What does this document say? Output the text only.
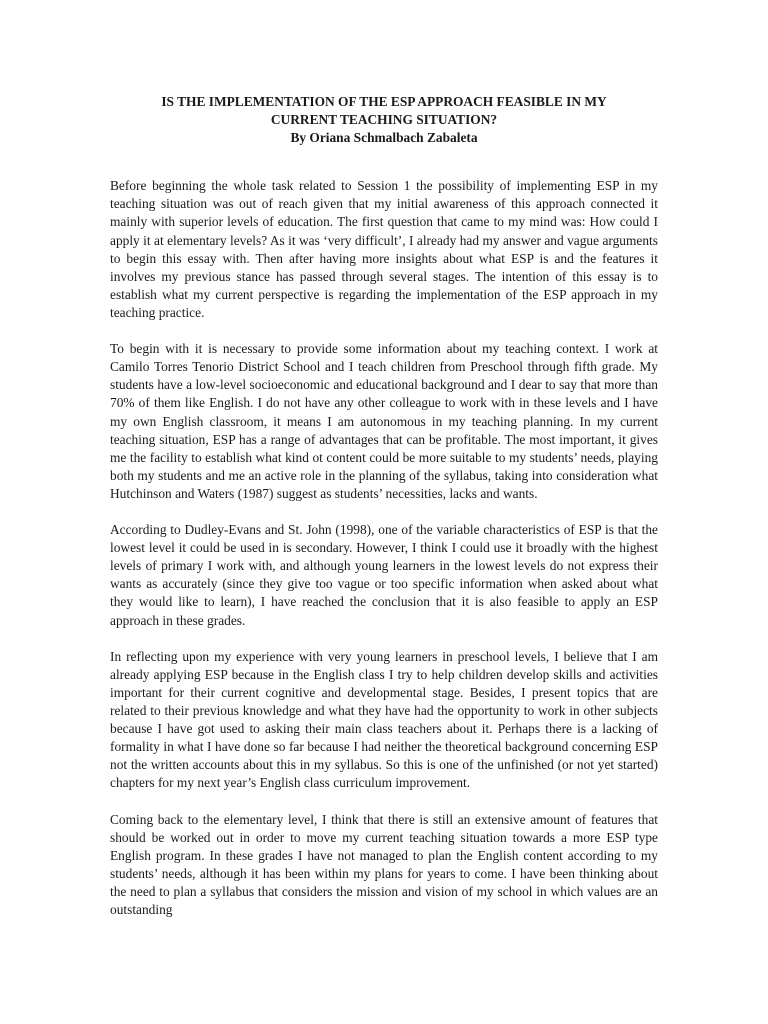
IS THE IMPLEMENTATION OF THE ESP APPROACH FEASIBLE IN MY
CURRENT TEACHING SITUATION?
By Oriana Schmalbach Zabaleta

Before beginning the whole task related to Session 1 the possibility of implementing ESP in my teaching situation was out of reach given that my initial awareness of this approach connected it mainly with superior levels of education. The first question that came to my mind was: How could I apply it at elementary levels? As it was ‘very difficult’, I already had my answer and vague arguments to begin this essay with. Then after having more insights about what ESP is and the features it involves my previous stance has passed through several stages. The intention of this essay is to establish what my current perspective is regarding the implementation of the ESP approach in my teaching practice.

To begin with it is necessary to provide some information about my teaching context. I work at Camilo Torres Tenorio District School and I teach children from Preschool through fifth grade. My students have a low-level socioeconomic and educational background and I dear to say that more than 70% of them like English. I do not have any other colleague to work with in these levels and I have my own English classroom, it means I am autonomous in my teaching planning. In my current teaching situation, ESP has a range of advantages that can be profitable. The most important, it gives me the facility to establish what kind ot content could be more suitable to my students’ needs, playing both my students and me an active role in the planning of the syllabus, taking into consideration what Hutchinson and Waters (1987) suggest as students’ necessities, lacks and wants.

According to Dudley-Evans and St. John (1998), one of the variable characteristics of ESP is that the lowest level it could be used in is secondary. However, I think I could use it broadly with the highest levels of primary I work with, and although young learners in the lowest levels do not express their wants as accurately (since they give too vague or too specific information when asked about what they would like to learn), I have reached the conclusion that it is also feasible to apply an ESP approach in these grades.

In reflecting upon my experience with very young learners in preschool levels, I believe that I am already applying ESP because in the English class I try to help children develop skills and activities important for their current cognitive and developmental stage. Besides, I present topics that are related to their previous knowledge and what they have had the opportunity to work in other subjects because I have got used to asking their main class teachers about it. Perhaps there is a lacking of formality in what I have done so far because I had neither the theoretical background concerning ESP not the written accounts about this in my syllabus. So this is one of the unfinished (or not yet started) chapters for my next year’s English class curriculum improvement.

Coming back to the elementary level, I think that there is still an extensive amount of features that should be worked out in order to move my current teaching situation towards a more ESP type English program. In these grades I have not managed to plan the English content according to my students’ needs, although it has been within my plans for years to come. I have been thinking about the need to plan a syllabus that considers the mission and vision of my school in which values are an outstanding
